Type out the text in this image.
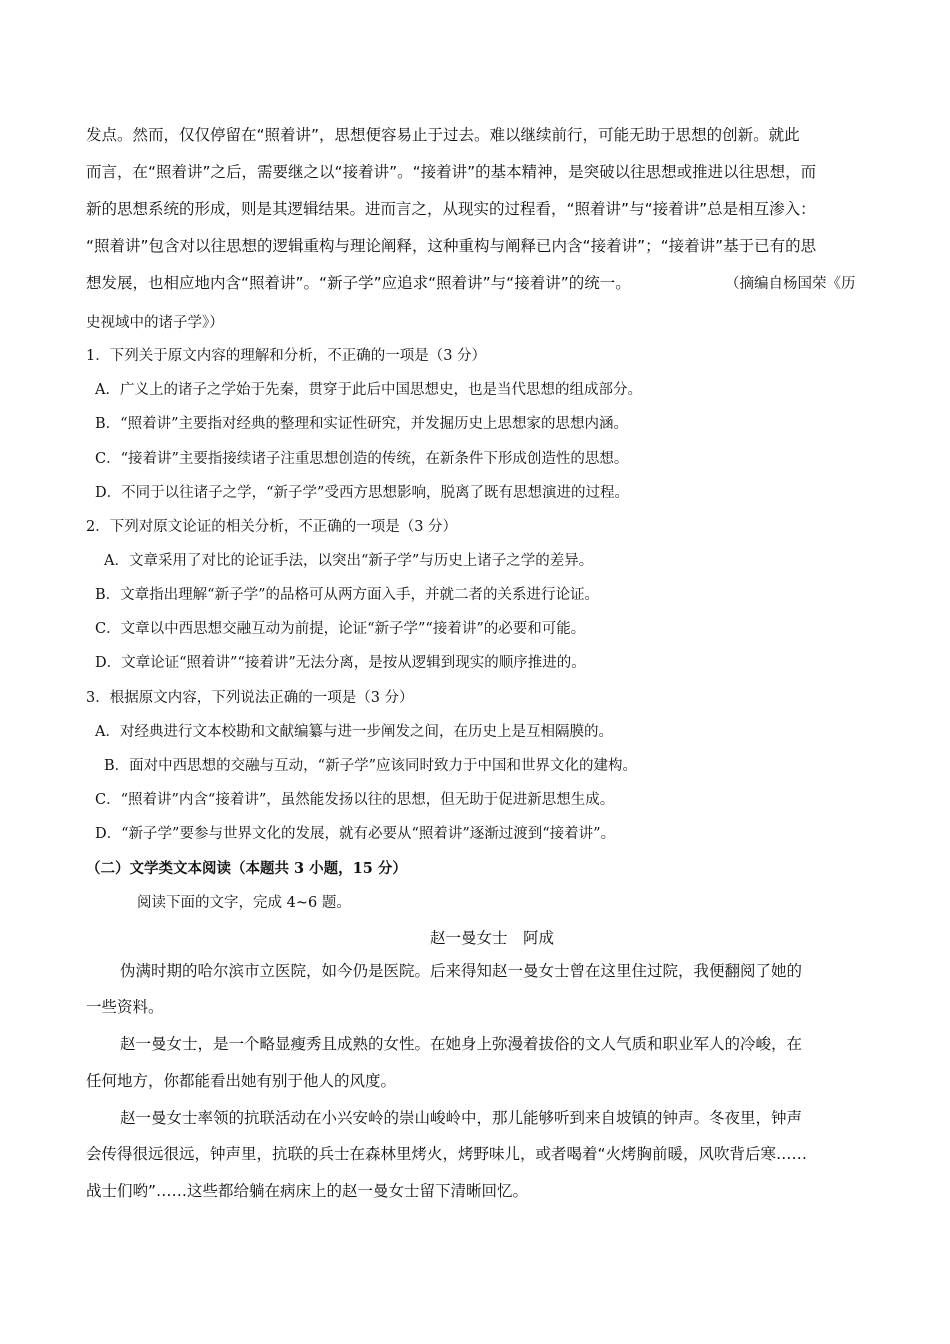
发点。然而，仅仅停留在“照着讲”，思想便容易止于过去。难以继续前行，可能无助于思想的创新。就此

而言，在“照着讲”之后，需要继之以“接着讲”。“接着讲”的基本精神，是突破以往思想或推进以往思想，而

新的思想系统的形成，则是其逻辑结果。进而言之，从现实的过程看，“照着讲”与“接着讲”总是相互渗入：

“照着讲”包含对以往思想的逻辑重构与理论阐释，这种重构与阐释已内含“接着讲”；“接着讲”基于已有的思

想发展，也相应地内含“照着讲”。“新子学”应追求“照着讲”与“接着讲”的统一。	（摘编自杨国荣《历

史视域中的诸子学》）

1．下列关于原文内容的理解和分析，不正确的一项是（3 分）

A．广义上的诸子之学始于先秦，贯穿于此后中国思想史，也是当代思想的组成部分。

B．“照着讲”主要指对经典的整理和实证性研究，并发掘历史上思想家的思想内涵。

C．“接着讲”主要指接续诸子注重思想创造的传统，在新条件下形成创造性的思想。

D．不同于以往诸子之学，“新子学”受西方思想影响，脱离了既有思想演进的过程。

2．下列对原文论证的相关分析，不正确的一项是（3 分）

A．文章采用了对比的论证手法，以突出“新子学”与历史上诸子之学的差异。

B．文章指出理解“新子学”的品格可从两方面入手，并就二者的关系进行论证。

C．文章以中西思想交融互动为前提，论证“新子学”“接着讲”的必要和可能。

D．文章论证“照着讲”“接着讲”无法分离，是按从逻辑到现实的顺序推进的。

3．根据原文内容，下列说法正确的一项是（3 分）

A．对经典进行文本校勘和文献编纂与进一步阐发之间，在历史上是互相隔膜的。

B．面对中西思想的交融与互动，“新子学”应该同时致力于中国和世界文化的建构。

C．“照着讲”内含“接着讲”，虽然能发扬以往的思想，但无助于促进新思想生成。

D．“新子学”要参与世界文化的发展，就有必要从“照着讲”逐渐过渡到“接着讲”。

（二）文学类文本阅读（本题共 3 小题，15 分）

阅读下面的文字，完成 4~6 题。

赵一曼女士　阿成

伪满时期的哈尔滨市立医院，如今仍是医院。后来得知赵一曼女士曾在这里住过院，我便翻阅了她的

一些资料。

赵一曼女士，是一个略显瘦秀且成熟的女性。在她身上弥漫着拔俗的文人气质和职业军人的冷峻，在

任何地方，你都能看出她有别于他人的风度。

赵一曼女士率领的抗联活动在小兴安岭的崇山峻岭中，那儿能够听到来自坡镇的钟声。冬夜里，钟声

会传得很远很远，钟声里，抗联的兵士在森林里烤火，烤野味儿，或者喝着“火烤胸前暖，风吹背后寒……

战士们哟”……这些都给躺在病床上的赵一曼女士留下清晰回忆。
